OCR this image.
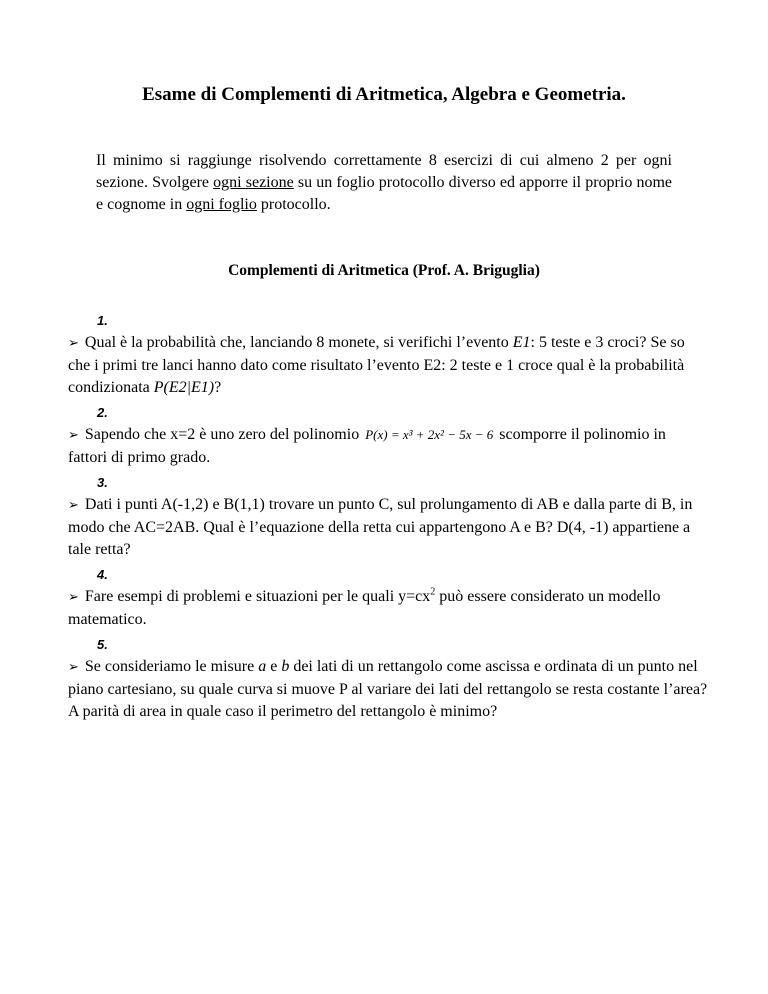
Esame di Complementi di Aritmetica, Algebra e Geometria.
Il minimo si raggiunge risolvendo correttamente 8 esercizi di cui almeno 2 per ogni sezione. Svolgere ogni sezione su un foglio protocollo diverso ed apporre il proprio nome e cognome in ogni foglio protocollo.
Complementi di Aritmetica (Prof. A. Briguglia)
1.
➢ Qual è la probabilità che, lanciando 8 monete, si verifichi l’evento E1: 5 teste e 3 croci? Se so che i primi tre lanci hanno dato come risultato l’evento E2: 2 teste e 1 croce qual è la probabilità condizionata P(E2|E1)?
2.
➢ Sapendo che x=2 è uno zero del polinomio P(x) = x³ + 2x² − 5x − 6 scomporre il polinomio in fattori di primo grado.
3.
➢ Dati i punti A(-1,2) e B(1,1) trovare un punto C, sul prolungamento di AB e dalla parte di B, in modo che AC=2AB. Qual è l’equazione della retta cui appartengono A e B? D(4, -1) appartiene a tale retta?
4.
➢ Fare esempi di problemi e situazioni per le quali $y=cx^2$ può essere considerato un modello matematico.
5.
➢ Se consideriamo le misure a e b dei lati di un rettangolo come ascissa e ordinata di un punto nel piano cartesiano, su quale curva si muove P al variare dei lati del rettangolo se resta costante l’area? A parità di area in quale caso il perimetro del rettangolo è minimo?
